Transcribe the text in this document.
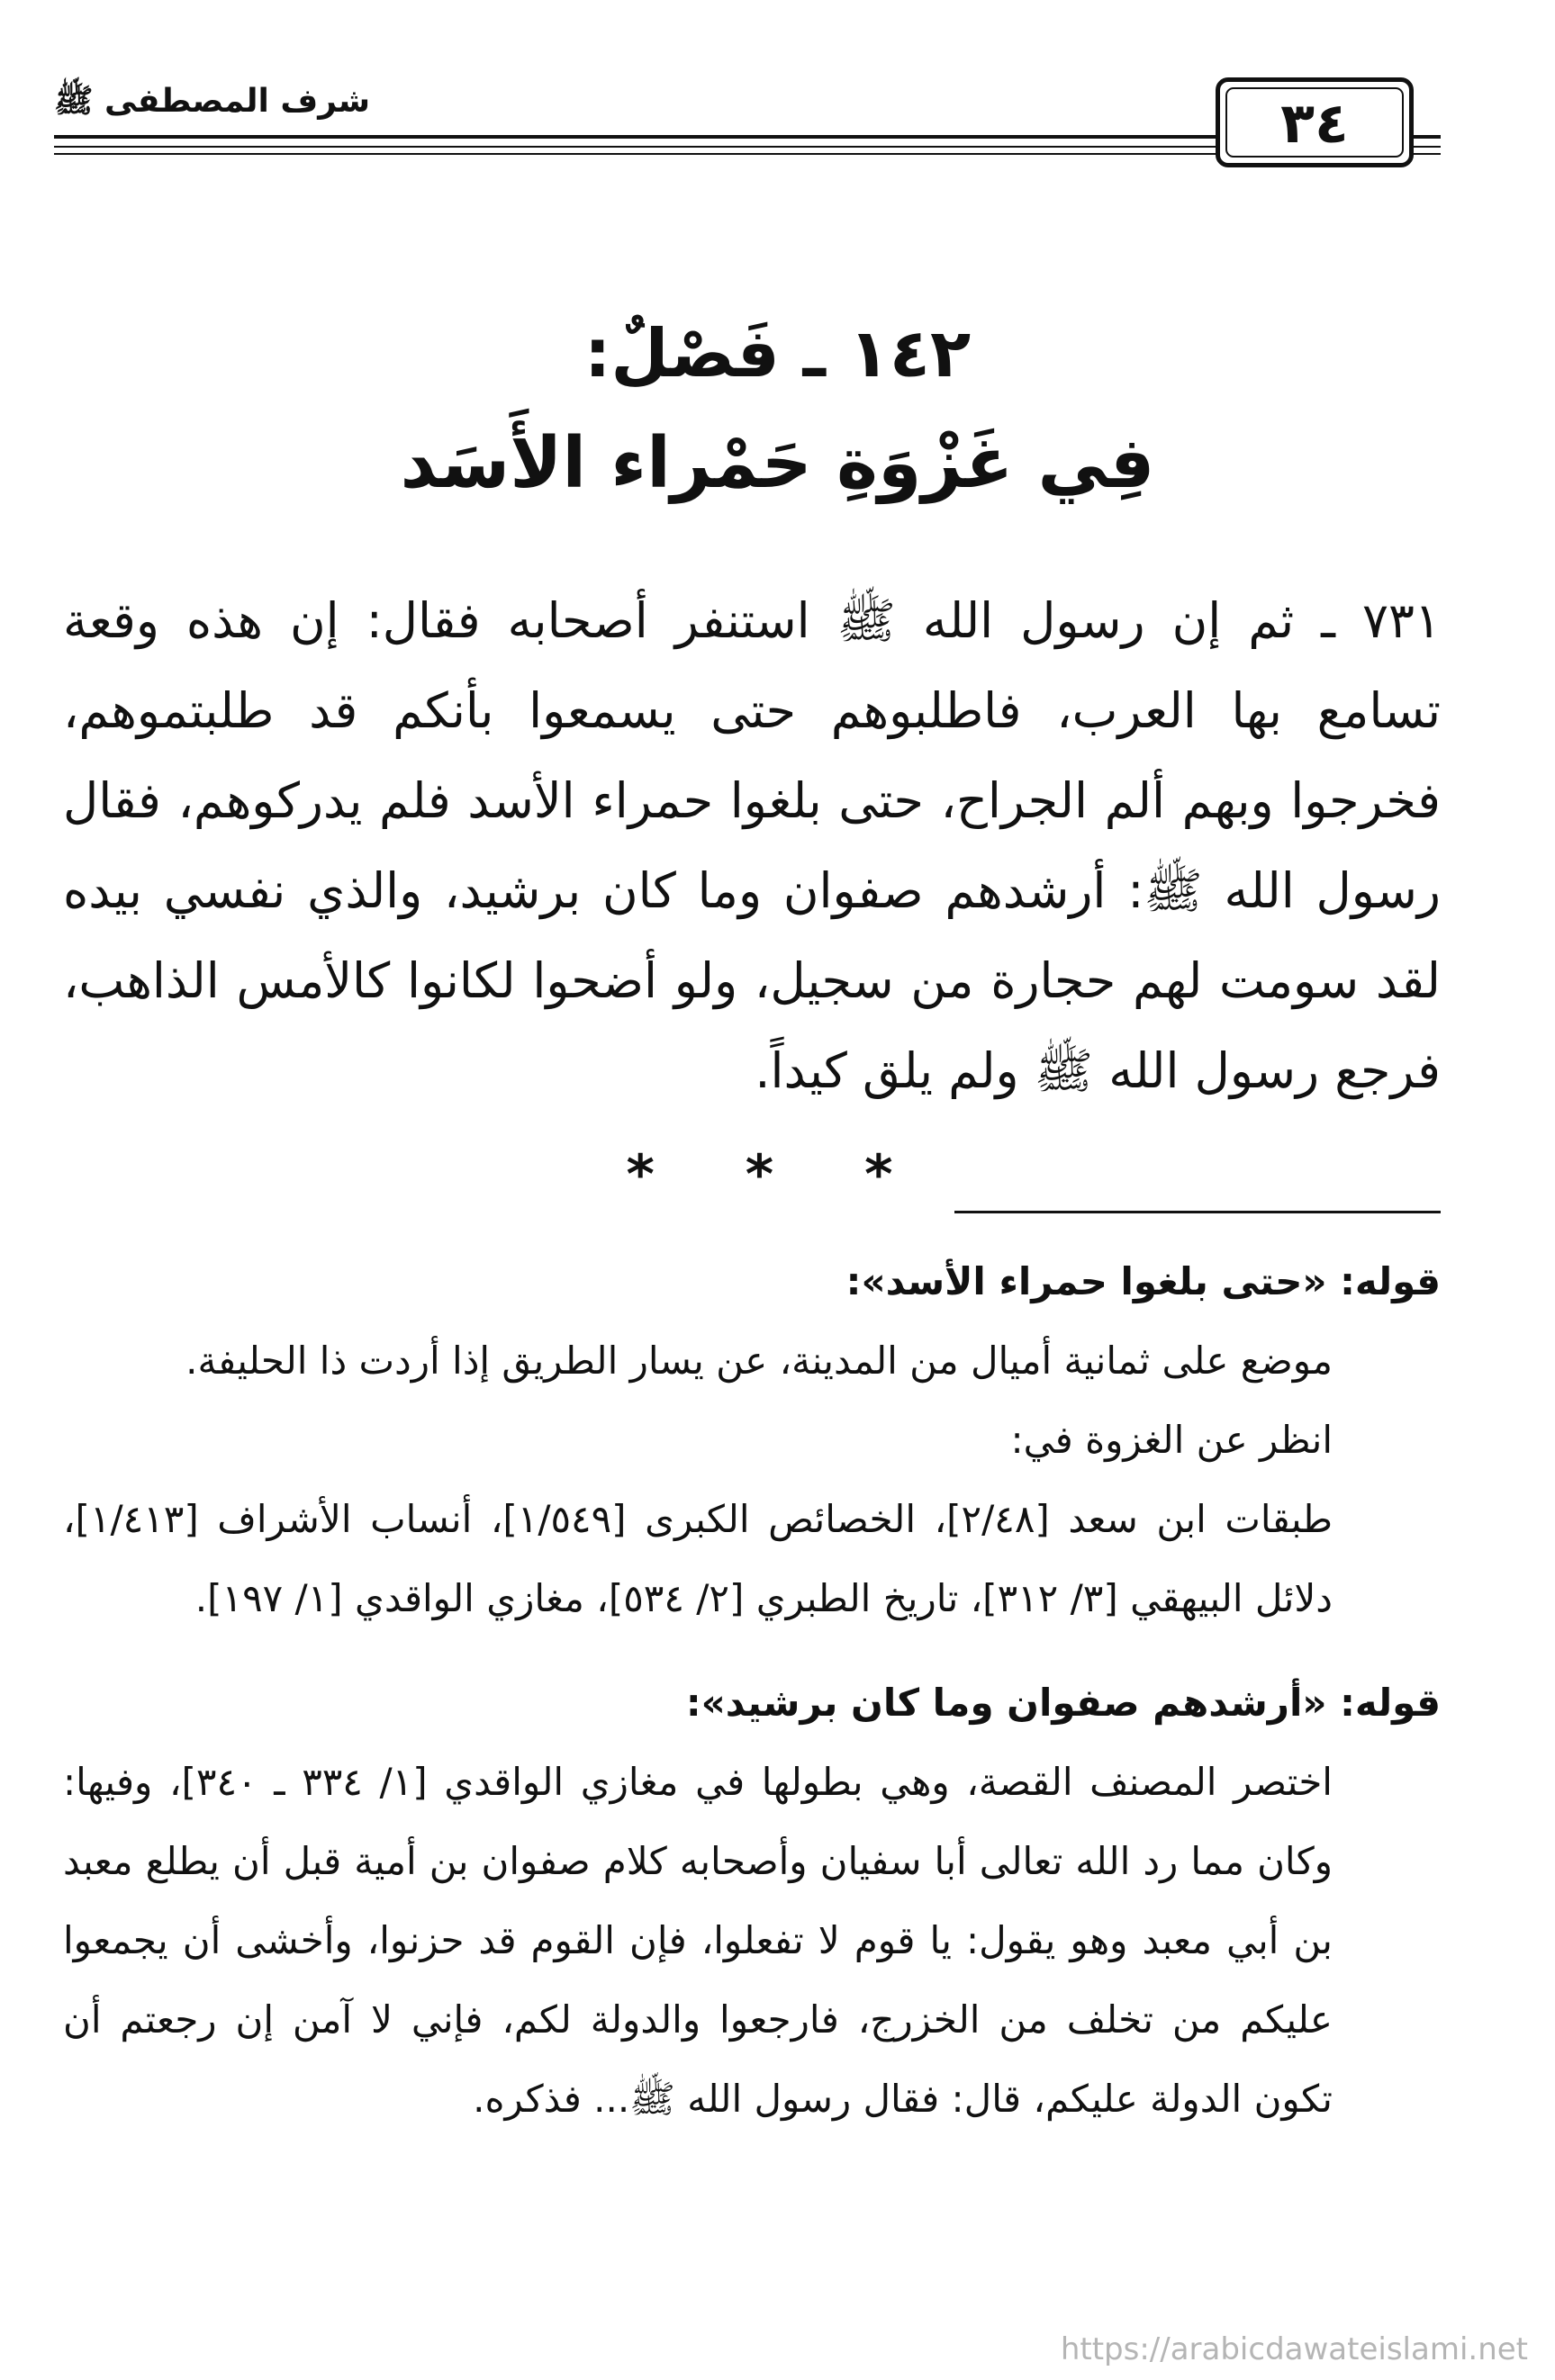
شرف المصطفى ﷺ	٣٤
١٤٢ ـ فَصْلٌ:
فِي غَزْوَةِ حَمْراء الأَسَد
٧٣١ ـ ثم إن رسول الله ﷺ استنفر أصحابه فقال: إن هذه وقعة تسامع بها العرب، فاطلبوهم حتى يسمعوا بأنكم قد طلبتموهم، فخرجوا وبهم ألم الجراح، حتى بلغوا حمراء الأسد فلم يدركوهم، فقال رسول الله ﷺ: أرشدهم صفوان وما كان برشيد، والذي نفسي بيده لقد سومت لهم حجارة من سجيل، ولو أضحوا لكانوا كالأمس الذاهب، فرجع رسول الله ﷺ ولم يلق كيداً.
* * *
قوله: «حتى بلغوا حمراء الأسد»:
موضع على ثمانية أميال من المدينة، عن يسار الطريق إذا أردت ذا الحليفة.
انظر عن الغزوة في:
طبقات ابن سعد [٢/٤٨]، الخصائص الكبرى [١/٥٤٩]، أنساب الأشراف [١/٤١٣]، دلائل البيهقي [٣/ ٣١٢]، تاريخ الطبري [٢/ ٥٣٤]، مغازي الواقدي [١/ ١٩٧].
قوله: «أرشدهم صفوان وما كان برشيد»:
اختصر المصنف القصة، وهي بطولها في مغازي الواقدي [١/ ٣٣٤ ـ ٣٤٠]، وفيها: وكان مما رد الله تعالى أبا سفيان وأصحابه كلام صفوان بن أمية قبل أن يطلع معبد بن أبي معبد وهو يقول: يا قوم لا تفعلوا، فإن القوم قد حزنوا، وأخشى أن يجمعوا عليكم من تخلف من الخزرج، فارجعوا والدولة لكم، فإني لا آمن إن رجعتم أن تكون الدولة عليكم، قال: فقال رسول الله ﷺ... فذكره.
https://arabicdawateislami.net
